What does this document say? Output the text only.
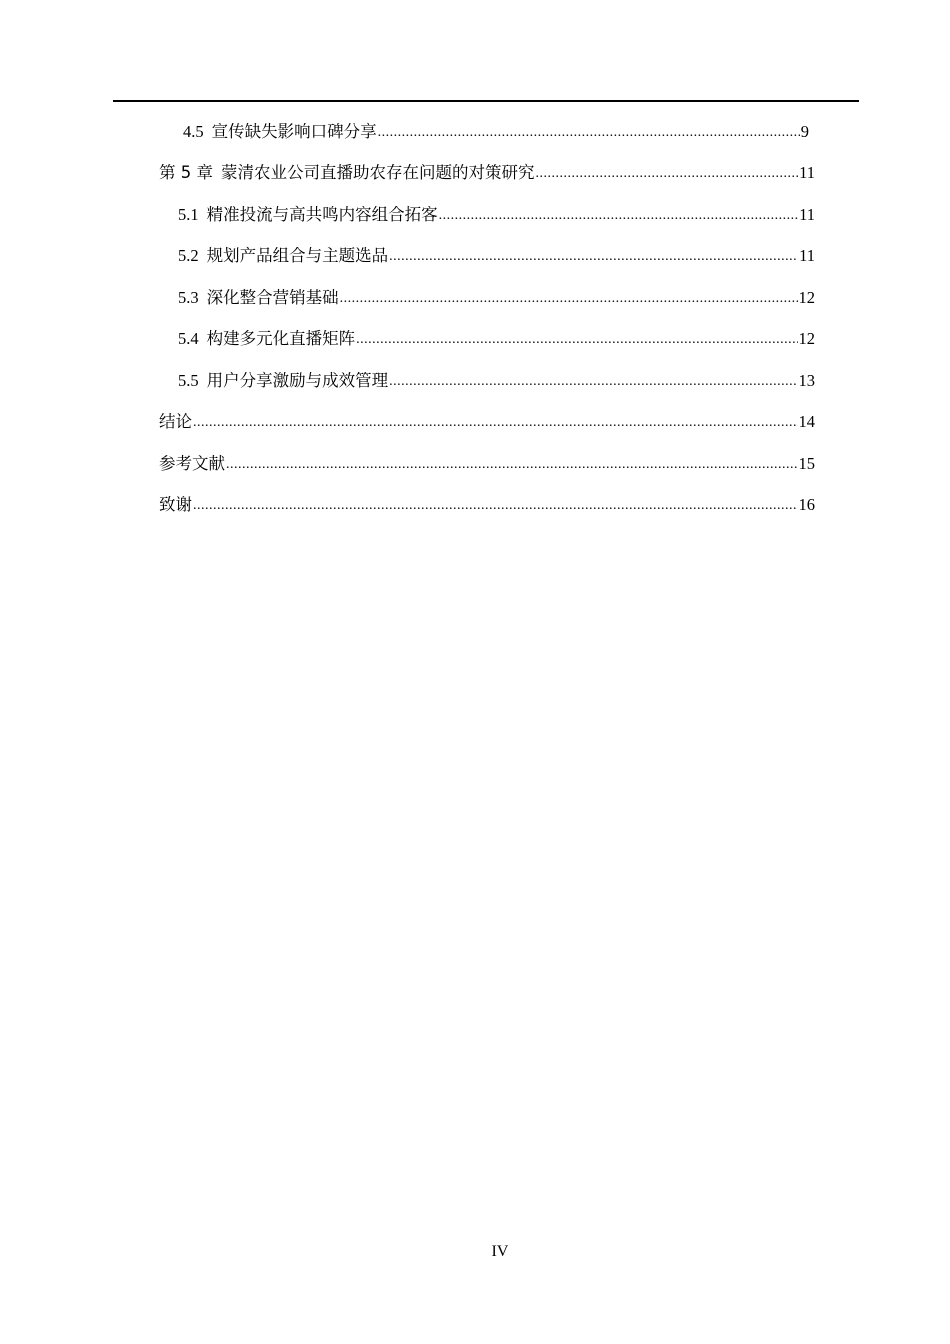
4.5 宣传缺失影响口碑分享 .....	9
第 5 章 蒙清农业公司直播助农存在问题的对策研究 .....	11
5.1 精准投流与高共鸣内容组合拓客 .....	11
5.2 规划产品组合与主题选品 .....	11
5.3 深化整合营销基础 .....	12
5.4 构建多元化直播矩阵 .....	12
5.5 用户分享激励与成效管理 .....	13
结论 .....	14
参考文献 .....	15
致谢 .....	16
IV
